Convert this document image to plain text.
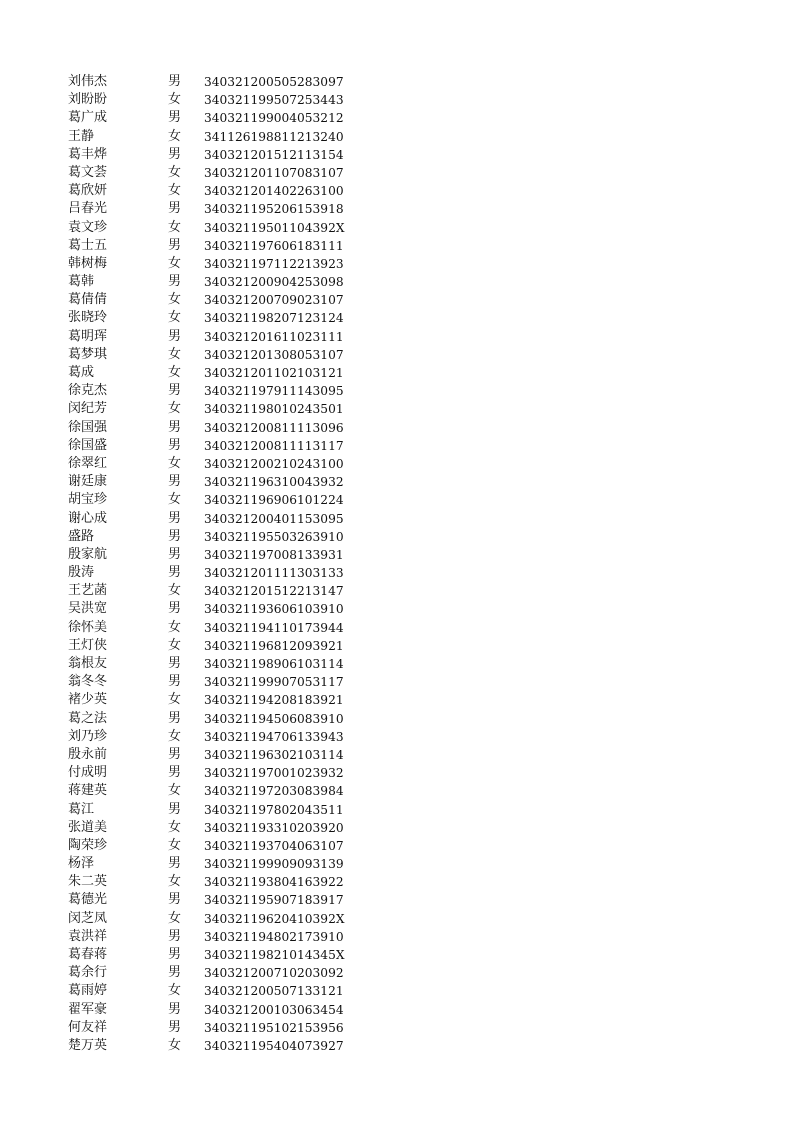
刘伟杰	男 340321200505283097
刘盼盼	女 340321199507253443
葛广成	男 340321199004053212
王静	女 341126198811213240
葛丰烨	男 340321201512113154
葛文荟	女 340321201107083107
葛欣妍	女 340321201402263100
吕春光	男 340321195206153918
袁文珍	女 34032119501104392X
葛士五	男 340321197606183111
韩树梅	女 340321197112213923
葛韩	男 340321200904253098
葛倩倩	女 340321200709023107
张晓玲	女 340321198207123124
葛明珲	男 340321201611023111
葛梦琪	女 340321201308053107
葛成	女 340321201102103121
徐克杰	男 340321197911143095
闵纪芳	女 340321198010243501
徐国强	男 340321200811113096
徐国盛	男 340321200811113117
徐翠红	女 340321200210243100
谢廷康	男 340321196310043932
胡宝珍	女 340321196906101224
谢心成	男 340321200401153095
盛路	男 340321195503263910
殷家航	男 340321197008133931
殷涛	男 340321201111303133
王艺菡	女 340321201512213147
吴洪宽	男 340321193606103910
徐怀美	女 340321194110173944
王灯侠	女 340321196812093921
翁根友	男 340321198906103114
翁冬冬	男 340321199907053117
褚少英	女 340321194208183921
葛之法	男 340321194506083910
刘乃珍	女 340321194706133943
殷永前	男 340321196302103114
付成明	男 340321197001023932
蒋建英	女 340321197203083984
葛江	男 340321197802043511
张道美	女 340321193310203920
陶荣珍	女 340321193704063107
杨泽	男 340321199909093139
朱二英	女 340321193804163922
葛德光	男 340321195907183917
闵芝凤	女 34032119620410392X
袁洪祥	男 340321194802173910
葛春蒋	男 34032119821014345X
葛余行	男 340321200710203092
葛雨婷	女 340321200507133121
翟军豪	男 340321200103063454
何友祥	男 340321195102153956
楚万英	女 340321195404073927
